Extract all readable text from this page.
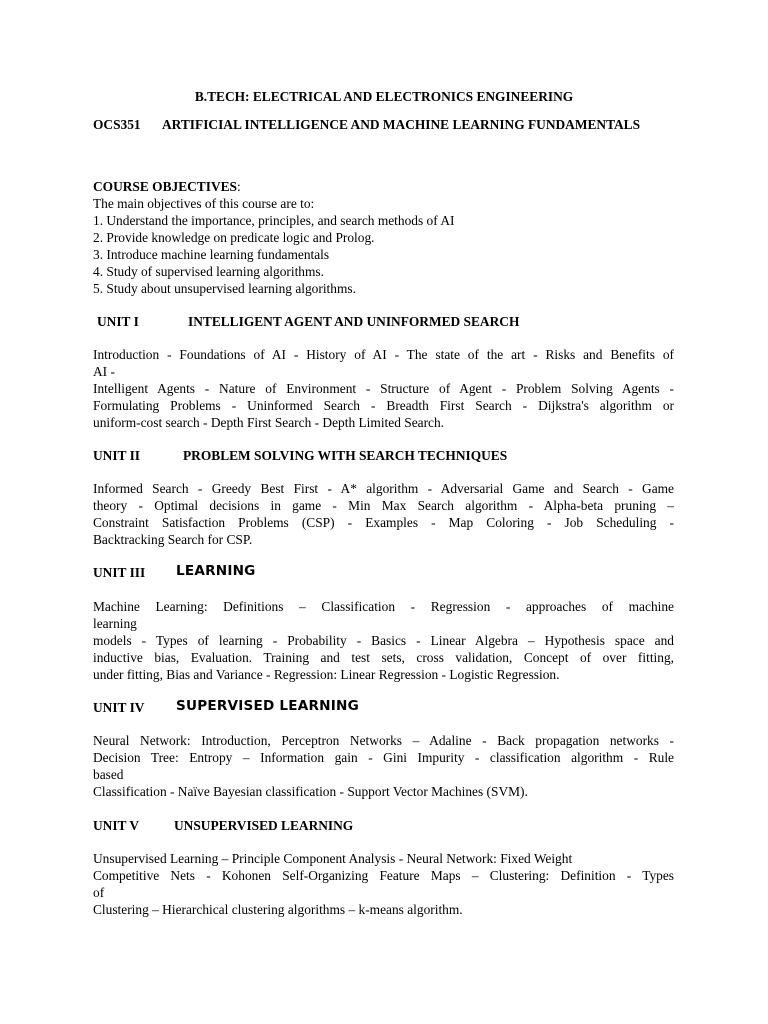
B.TECH: ELECTRICAL AND ELECTRONICS ENGINEERING
OCS351 ARTIFICIAL INTELLIGENCE AND MACHINE LEARNING FUNDAMENTALS
COURSE OBJECTIVES:
The main objectives of this course are to:
1. Understand the importance, principles, and search methods of AI
2. Provide knowledge on predicate logic and Prolog.
3. Introduce machine learning fundamentals
4. Study of supervised learning algorithms.
5. Study about unsupervised learning algorithms.
UNIT I	INTELLIGENT AGENT AND UNINFORMED SEARCH
Introduction - Foundations of AI - History of AI - The state of the art - Risks and Benefits of
AI -
Intelligent Agents - Nature of Environment - Structure of Agent - Problem Solving Agents -
Formulating Problems - Uninformed Search - Breadth First Search - Dijkstra's algorithm or
uniform-cost search - Depth First Search - Depth Limited Search.
UNIT II	PROBLEM SOLVING WITH SEARCH TECHNIQUES
Informed Search - Greedy Best First - A* algorithm - Adversarial Game and Search - Game
theory - Optimal decisions in game - Min Max Search algorithm - Alpha-beta pruning –
Constraint Satisfaction Problems (CSP) - Examples - Map Coloring - Job Scheduling -
Backtracking Search for CSP.
UNIT III LEARNING
Machine Learning: Definitions – Classification - Regression - approaches of machine
learning
models - Types of learning - Probability - Basics - Linear Algebra – Hypothesis space and
inductive bias, Evaluation. Training and test sets, cross validation, Concept of over fitting,
under fitting, Bias and Variance - Regression: Linear Regression - Logistic Regression.
UNIT IV SUPERVISED LEARNING
Neural Network: Introduction, Perceptron Networks – Adaline - Back propagation networks -
Decision Tree: Entropy – Information gain - Gini Impurity - classification algorithm - Rule
based
Classification - Naïve Bayesian classification - Support Vector Machines (SVM).
UNIT V	UNSUPERVISED LEARNING
Unsupervised Learning – Principle Component Analysis - Neural Network: Fixed Weight
Competitive Nets - Kohonen Self-Organizing Feature Maps – Clustering: Definition - Types
of
Clustering – Hierarchical clustering algorithms – k-means algorithm.
